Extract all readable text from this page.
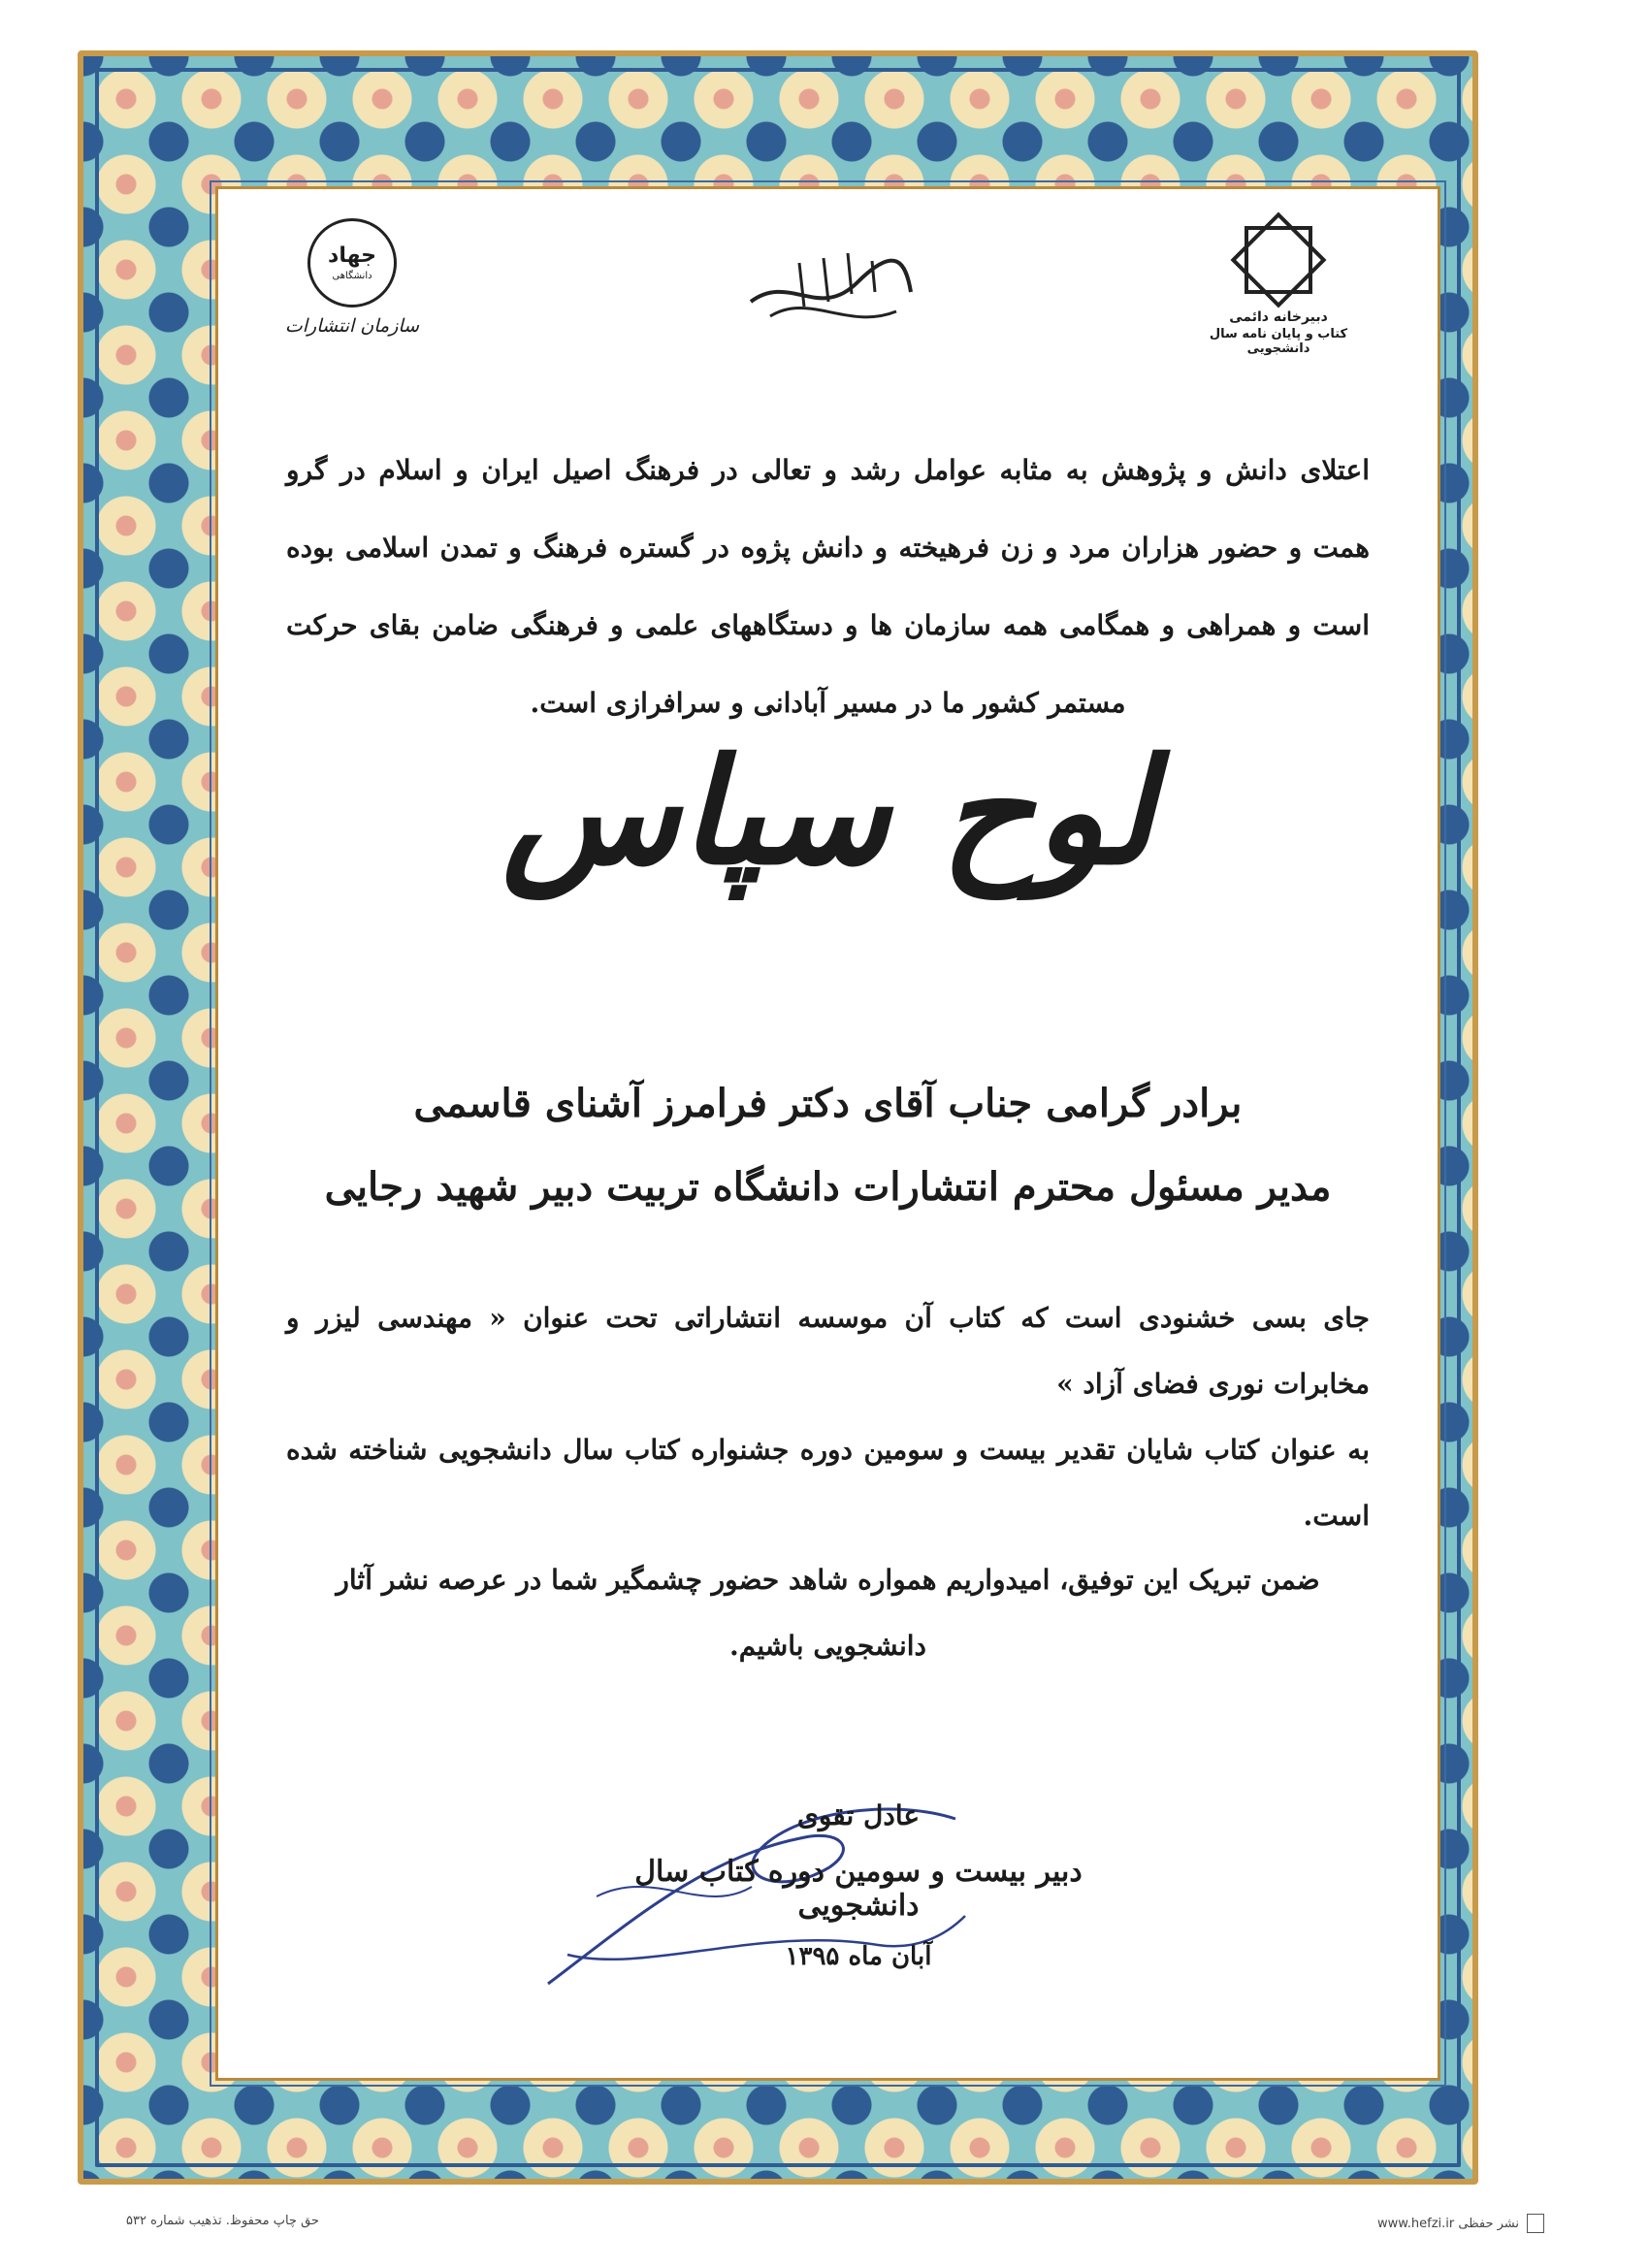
دبیرخانه دائمی
کتاب و پایان نامه سال دانشجویی
جهاد
دانشگاهی
سازمان انتشارات
اعتلای دانش و پژوهش به مثابه عوامل رشد و تعالی در فرهنگ اصیل ایران و اسلام در گرو همت و حضور هزاران مرد و زن فرهیخته و دانش پژوه در گستره فرهنگ و تمدن اسلامی بوده است و همراهی و همگامی همه سازمان ها و دستگاههای علمی و فرهنگی ضامن بقای حرکت مستمر کشور ما در مسیر آبادانی و سرافرازی است.
لوح سپاس
برادر گرامی جناب آقای دکتر فرامرز آشنای قاسمی
مدیر مسئول محترم انتشارات دانشگاه تربیت دبیر شهید رجایی
جای بسی خشنودی است که کتاب آن موسسه انتشاراتی تحت عنوان « مهندسی لیزر و مخابرات نوری فضای آزاد »
به عنوان کتاب شایان تقدیر بیست و سومین دوره جشنواره کتاب سال دانشجویی شناخته شده است.
ضمن تبریک این توفیق، امیدواریم همواره شاهد حضور چشمگیر شما در عرصه نشر آثار دانشجویی باشیم.
عادل تقوی
دبیر بیست و سومین دوره کتاب سال دانشجویی
آبان ماه ۱۳۹۵
نشر حفظی www.hefzi.ir
حق چاپ محفوظ. تذهیب شماره ۵۳۲
